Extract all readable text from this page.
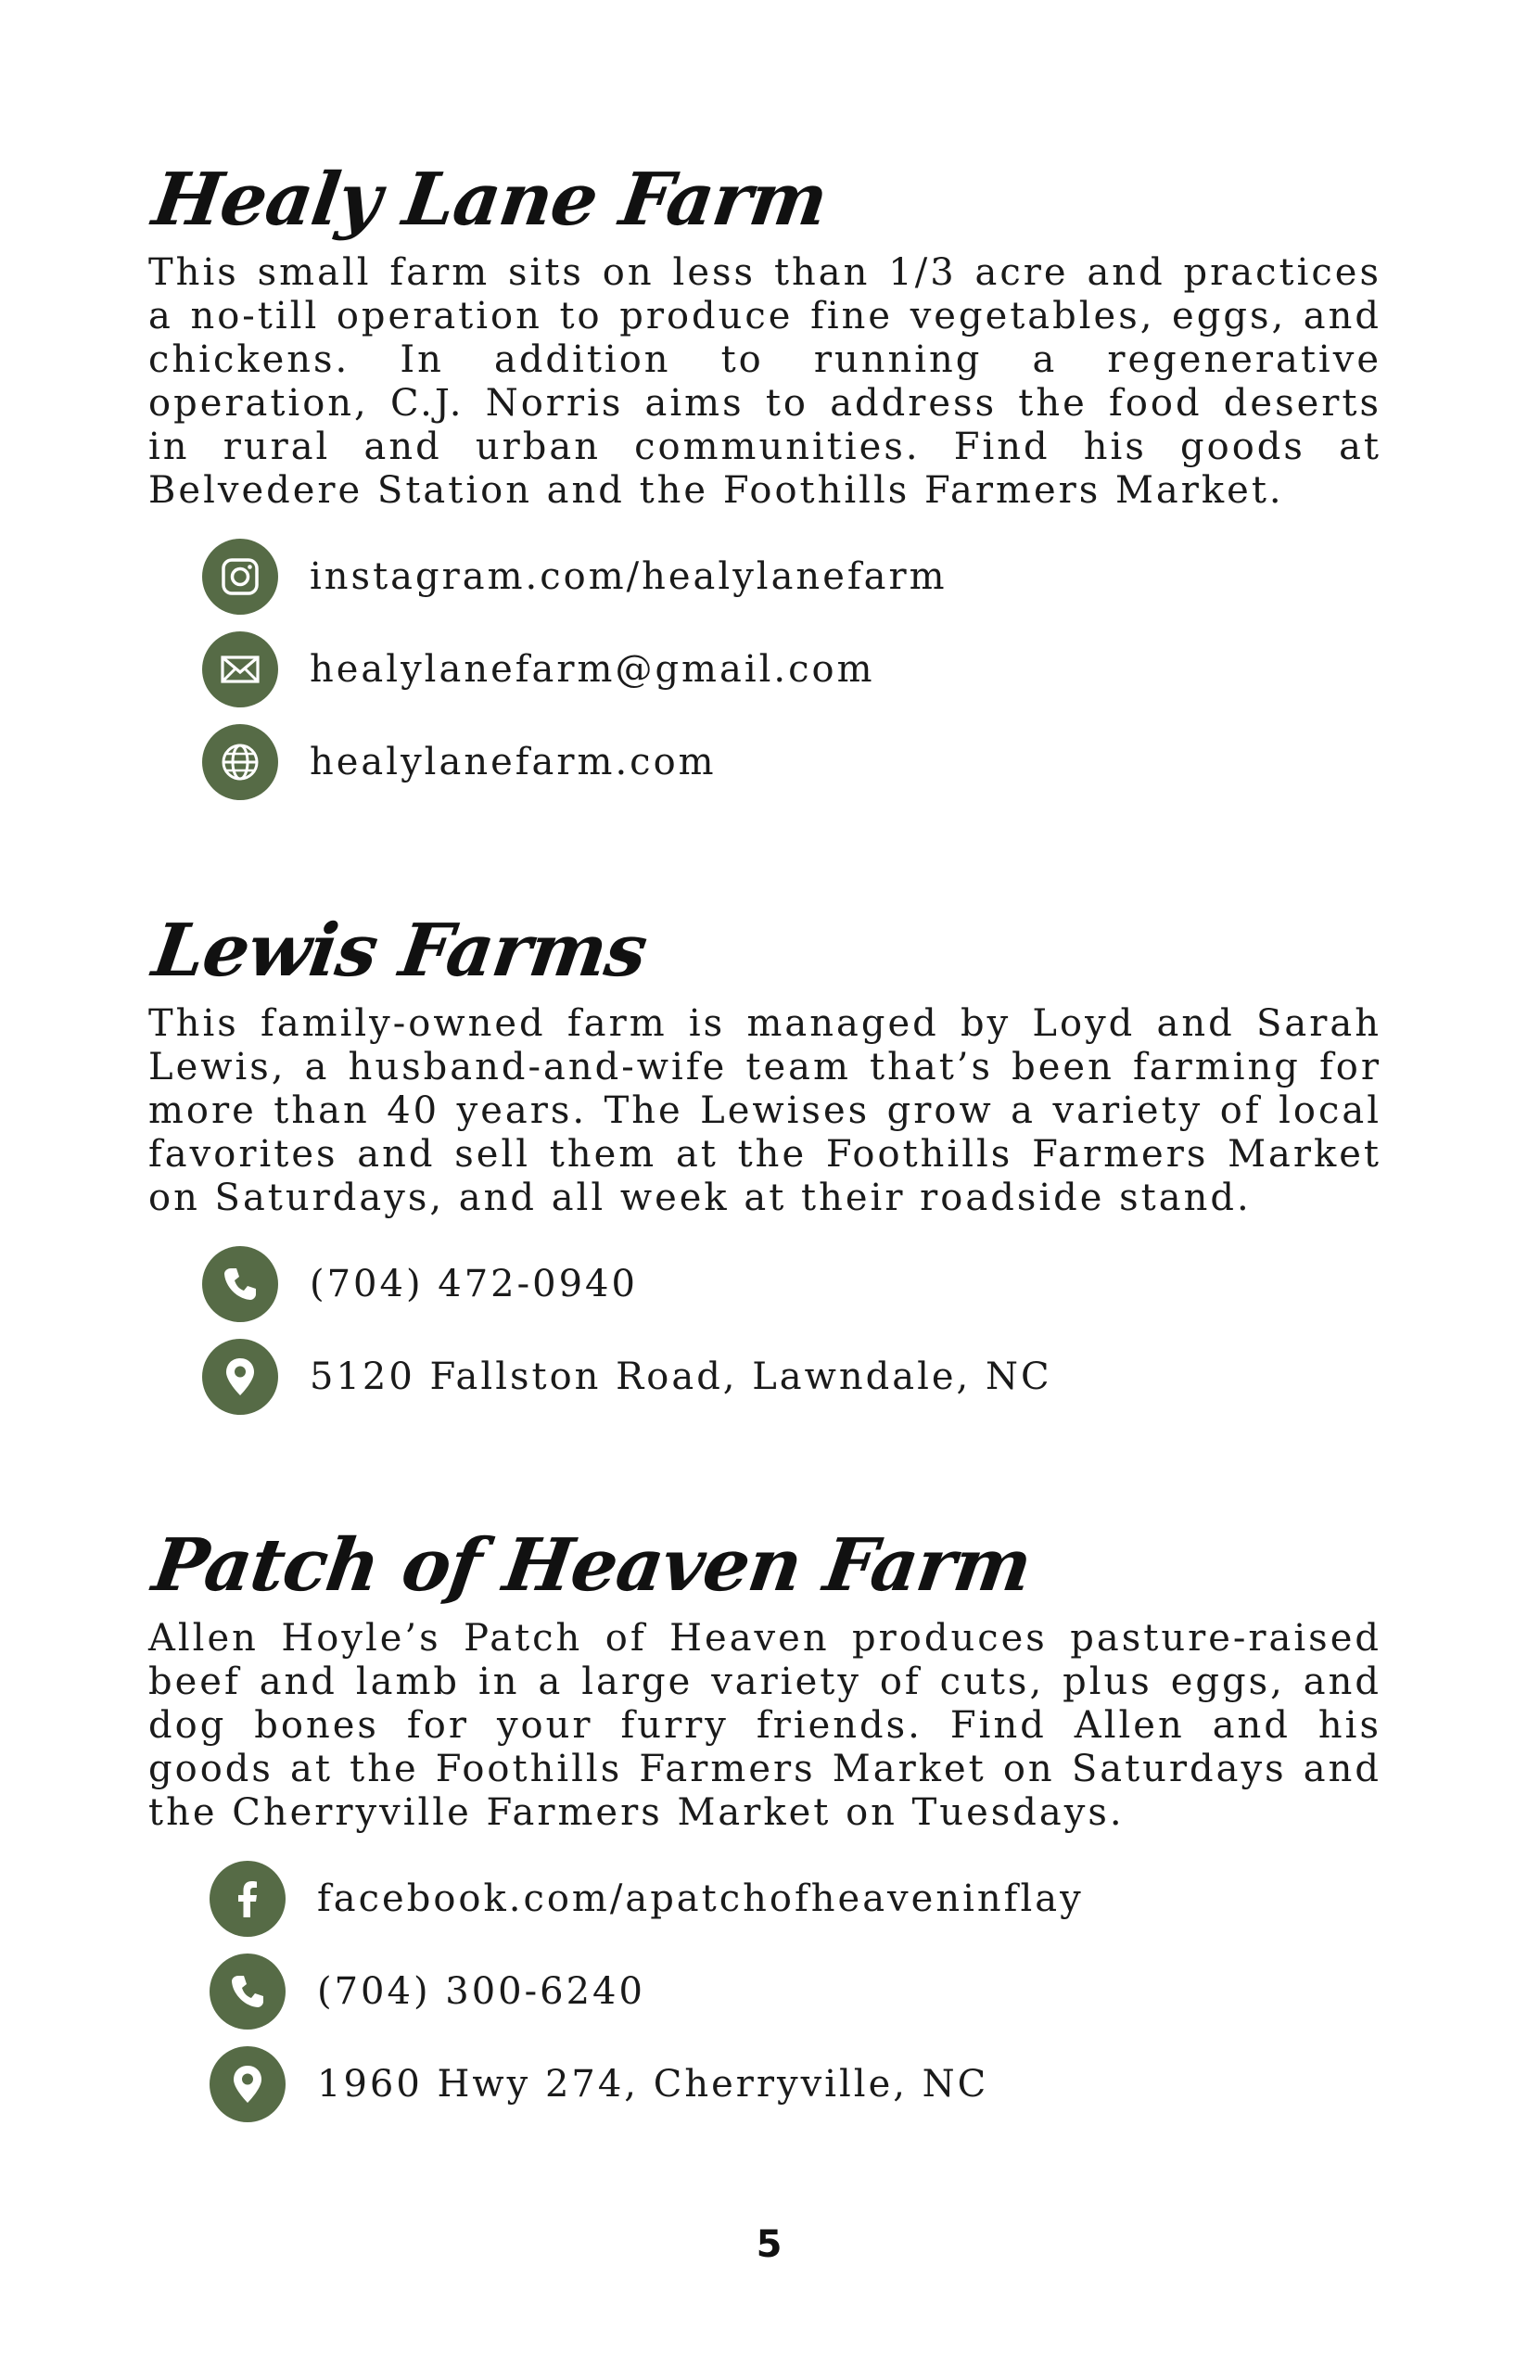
Healy Lane Farm

This small farm sits on less than 1/3 acre and practices a no-till operation to produce fine vegetables, eggs, and chickens. In addition to running a regenerative operation, C.J. Norris aims to address the food deserts in rural and urban communities. Find his goods at Belvedere Station and the Foothills Farmers Market.

instagram.com/healylanefarm
healylanefarm@gmail.com
healylanefarm.com
Lewis Farms

This family-owned farm is managed by Loyd and Sarah Lewis, a husband-and-wife team that’s been farming for more than 40 years. The Lewises grow a variety of local favorites and sell them at the Foothills Farmers Market on Saturdays, and all week at their roadside stand.

(704) 472-0940
5120 Fallston Road, Lawndale, NC
Patch of Heaven Farm

Allen Hoyle’s Patch of Heaven produces pasture-raised beef and lamb in a large variety of cuts, plus eggs, and dog bones for your furry friends. Find Allen and his goods at the Foothills Farmers Market on Saturdays and the Cherryville Farmers Market on Tuesdays.

facebook.com/apatchofheaveninflay
(704) 300-6240
1960 Hwy 274, Cherryville, NC
5
